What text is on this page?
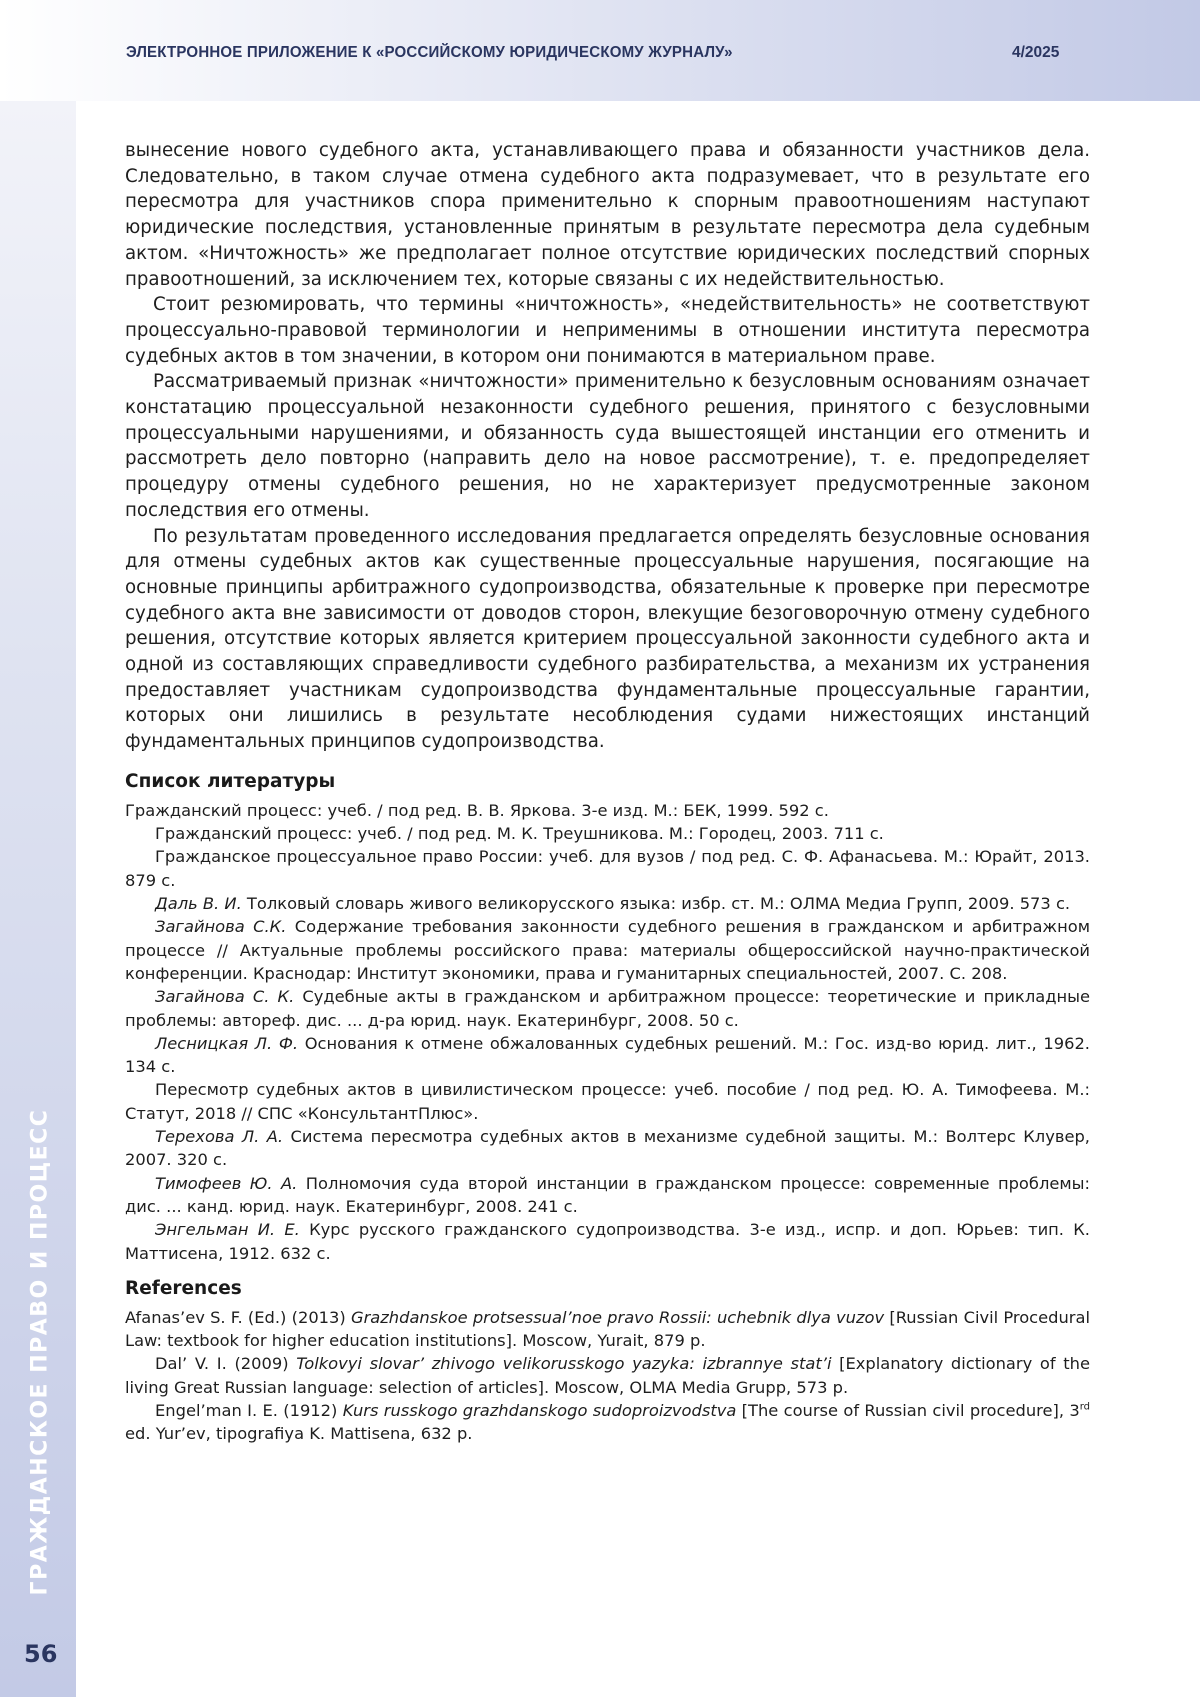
ЭЛЕКТРОННОЕ ПРИЛОЖЕНИЕ К «РОССИЙСКОМУ ЮРИДИЧЕСКОМУ ЖУРНАЛУ»	4/2025
ГРАЖДАНСКОЕ ПРАВО И ПРОЦЕСС
56

вынесение нового судебного акта, устанавливающего права и обязанности участников дела. Следовательно, в таком случае отмена судебного акта подразумевает, что в результате его пересмотра для участников спора применительно к спорным правоотношениям наступают юридические последствия, установленные принятым в результате пересмотра дела судебным актом. «Ничтожность» же предполагает полное отсутствие юридических последствий спорных правоотношений, за исключением тех, которые связаны с их недействительностью.

Стоит резюмировать, что термины «ничтожность», «недействительность» не соответствуют процессуально-правовой терминологии и неприменимы в отношении института пересмотра судебных актов в том значении, в котором они понимаются в материальном праве.

Рассматриваемый признак «ничтожности» применительно к безусловным основаниям означает констатацию процессуальной незаконности судебного решения, принятого с безусловными процессуальными нарушениями, и обязанность суда вышестоящей инстанции его отменить и рассмотреть дело повторно (направить дело на новое рассмотрение), т. е. предопределяет процедуру отмены судебного решения, но не характеризует предусмотренные законом последствия его отмены.

По результатам проведенного исследования предлагается определять безусловные основания для отмены судебных актов как существенные процессуальные нарушения, посягающие на основные принципы арбитражного судопроизводства, обязательные к проверке при пересмотре судебного акта вне зависимости от доводов сторон, влекущие безоговорочную отмену судебного решения, отсутствие которых является критерием процессуальной законности судебного акта и одной из составляющих справедливости судебного разбирательства, а механизм их устранения предоставляет участникам судопроизводства фундаментальные процессуальные гарантии, которых они лишились в результате несоблюдения судами нижестоящих инстанций фундаментальных принципов судопроизводства.

Список литературы

Гражданский процесс: учеб. / под ред. В. В. Яркова. 3-е изд. М.: БЕК, 1999. 592 с.

Гражданский процесс: учеб. / под ред. М. К. Треушникова. М.: Городец, 2003. 711 с.

Гражданское процессуальное право России: учеб. для вузов / под ред. С. Ф. Афанасьева. М.: Юрайт, 2013. 879 с.

Даль В. И. Толковый словарь живого великорусского языка: избр. ст. М.: ОЛМА Медиа Групп, 2009. 573 с.

Загайнова С.К. Содержание требования законности судебного решения в гражданском и арбитражном процессе // Актуальные проблемы российского права: материалы общероссийской научно-практической конференции. Краснодар: Институт экономики, права и гуманитарных специальностей, 2007. С. 208.

Загайнова С. К. Судебные акты в гражданском и арбитражном процессе: теоретические и прикладные проблемы: автореф. дис. ... д-ра юрид. наук. Екатеринбург, 2008. 50 с.

Лесницкая Л. Ф. Основания к отмене обжалованных судебных решений. М.: Гос. изд-во юрид. лит., 1962. 134 с.

Пересмотр судебных актов в цивилистическом процессе: учеб. пособие / под ред. Ю. А. Тимофеева. М.: Статут, 2018 // СПС «КонсультантПлюс».

Терехова Л. А. Система пересмотра судебных актов в механизме судебной защиты. М.: Волтерс Клувер, 2007. 320 с.

Тимофеев Ю. А. Полномочия суда второй инстанции в гражданском процессе: современные проблемы: дис. ... канд. юрид. наук. Екатеринбург, 2008. 241 с.

Энгельман И. Е. Курс русского гражданского судопроизводства. 3-е изд., испр. и доп. Юрьев: тип. К. Маттисена, 1912. 632 с.

References

Afanas’ev S. F. (Ed.) (2013) Grazhdanskoe protsessual’noe pravo Rossii: uchebnik dlya vuzov [Russian Civil Procedural Law: textbook for higher education institutions]. Moscow, Yurait, 879 p.

Dal’ V. I. (2009) Tolkovyi slovar’ zhivogo velikorusskogo yazyka: izbrannye stat’i [Explanatory dictionary of the living Great Russian language: selection of articles]. Moscow, OLMA Media Grupp, 573 p.

Engel’man I. E. (1912) Kurs russkogo grazhdanskogo sudoproizvodstva [The course of Russian civil procedure], 3rd ed. Yur’ev, tipografiya K. Mattisena, 632 p.
